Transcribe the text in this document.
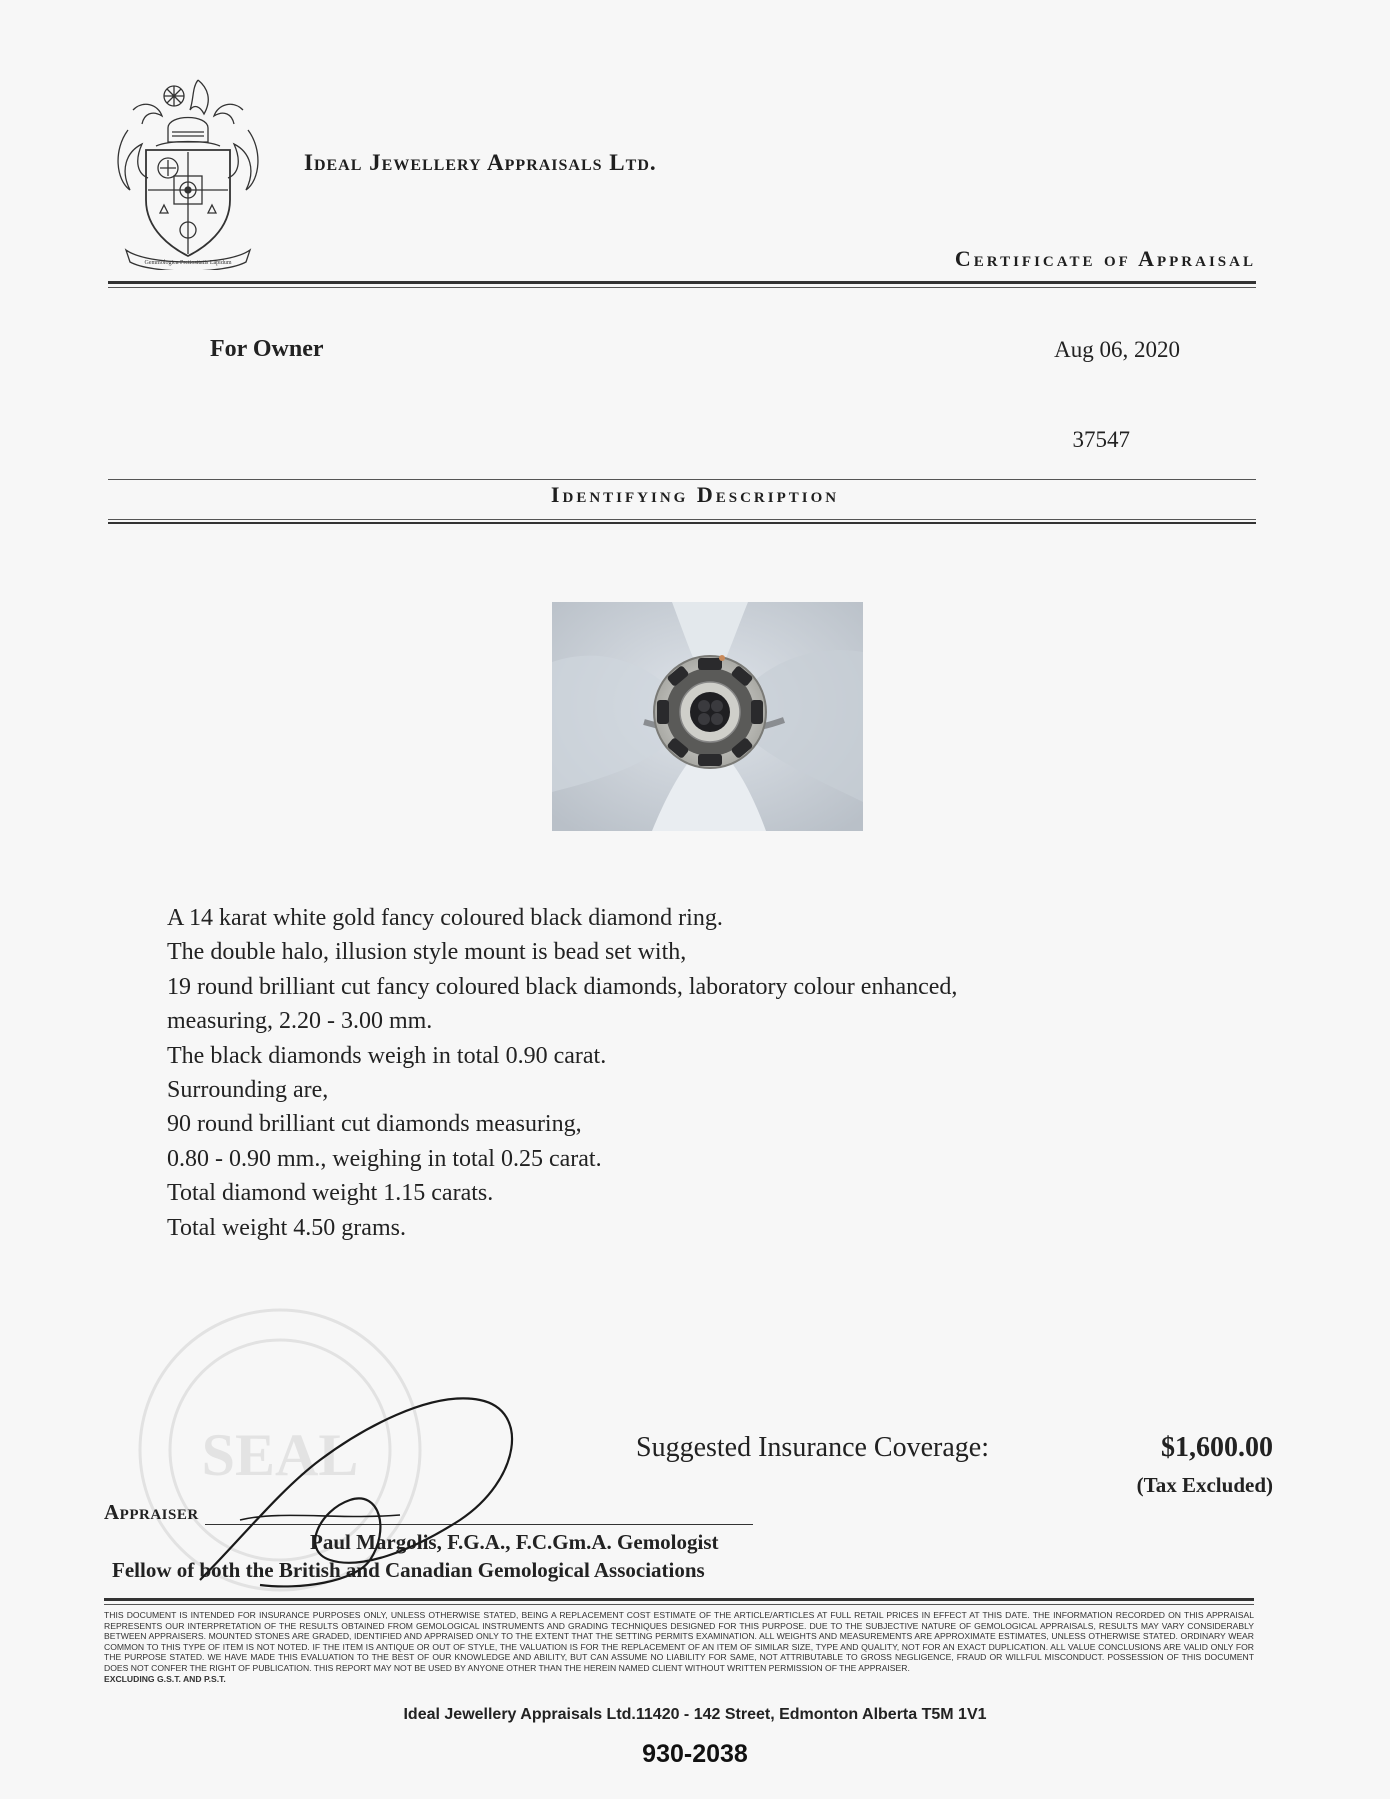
Gemmologica Pretiositatis Lapidum
Ideal Jewellery Appraisals Ltd.
Certificate of Appraisal
For Owner	Aug 06, 2020
37547
Identifying Description
A 14 karat white gold fancy coloured black diamond ring.
The double halo, illusion style mount is bead set with,
19 round brilliant cut fancy coloured black diamonds, laboratory colour enhanced,
measuring, 2.20 - 3.00 mm.
The black diamonds weigh in total 0.90 carat.
Surrounding are,
90 round brilliant cut diamonds measuring,
0.80 - 0.90 mm., weighing in total 0.25 carat.
Total diamond weight 1.15 carats.
Total weight 4.50 grams.
SEAL	Suggested Insurance Coverage:	$1,600.00
(Tax Excluded)
Appraiser
Paul Margolis, F.G.A., F.C.Gm.A. Gemologist
Fellow of both the British and Canadian Gemological Associations
THIS DOCUMENT IS INTENDED FOR INSURANCE PURPOSES ONLY, UNLESS OTHERWISE STATED, BEING A REPLACEMENT COST ESTIMATE OF THE ARTICLE/ARTICLES AT FULL RETAIL PRICES IN EFFECT AT THIS DATE. THE INFORMATION RECORDED ON THIS APPRAISAL REPRESENTS OUR INTERPRETATION OF THE RESULTS OBTAINED FROM GEMOLOGICAL INSTRUMENTS AND GRADING TECHNIQUES DESIGNED FOR THIS PURPOSE. DUE TO THE SUBJECTIVE NATURE OF GEMOLOGICAL APPRAISALS, RESULTS MAY VARY CONSIDERABLY BETWEEN APPRAISERS. MOUNTED STONES ARE GRADED, IDENTIFIED AND APPRAISED ONLY TO THE EXTENT THAT THE SETTING PERMITS EXAMINATION. ALL WEIGHTS AND MEASUREMENTS ARE APPROXIMATE ESTIMATES, UNLESS OTHERWISE STATED. ORDINARY WEAR COMMON TO THIS TYPE OF ITEM IS NOT NOTED. IF THE ITEM IS ANTIQUE OR OUT OF STYLE, THE VALUATION IS FOR THE REPLACEMENT OF AN ITEM OF SIMILAR SIZE, TYPE AND QUALITY, NOT FOR AN EXACT DUPLICATION. ALL VALUE CONCLUSIONS ARE VALID ONLY FOR THE PURPOSE STATED. WE HAVE MADE THIS EVALUATION TO THE BEST OF OUR KNOWLEDGE AND ABILITY, BUT CAN ASSUME NO LIABILITY FOR SAME, NOT ATTRIBUTABLE TO GROSS NEGLIGENCE, FRAUD OR WILLFUL MISCONDUCT. POSSESSION OF THIS DOCUMENT DOES NOT CONFER THE RIGHT OF PUBLICATION. THIS REPORT MAY NOT BE USED BY ANYONE OTHER THAN THE HEREIN NAMED CLIENT WITHOUT WRITTEN PERMISSION OF THE APPRAISER.
EXCLUDING G.S.T. AND P.S.T.
Ideal Jewellery Appraisals Ltd.11420 - 142 Street, Edmonton Alberta T5M 1V1
930-2038
